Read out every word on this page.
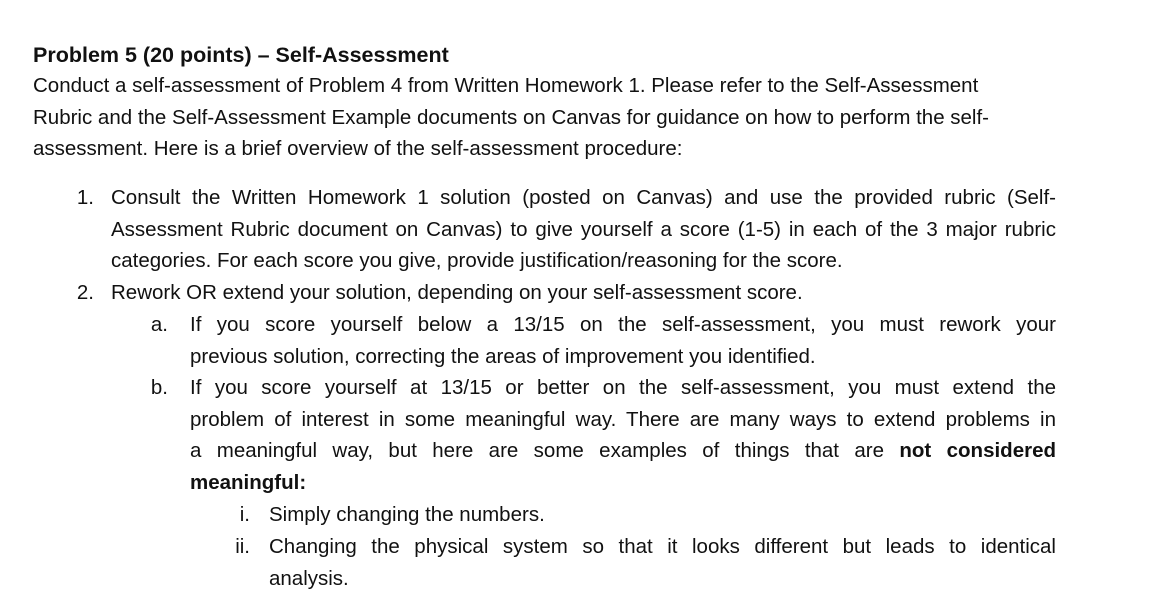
Problem 5 (20 points) – Self-Assessment
Conduct a self-assessment of Problem 4 from Written Homework 1. Please refer to the Self-Assessment
Rubric and the Self-Assessment Example documents on Canvas for guidance on how to perform the self-
assessment. Here is a brief overview of the self-assessment procedure:
1. Consult the Written Homework 1 solution (posted on Canvas) and use the provided rubric (Self-
Assessment Rubric document on Canvas) to give yourself a score (1-5) in each of the 3 major rubric
categories. For each score you give, provide justification/reasoning for the score.
2. Rework OR extend your solution, depending on your self-assessment score.
a. If you score yourself below a 13/15 on the self-assessment, you must rework your
previous solution, correcting the areas of improvement you identified.
b. If you score yourself at 13/15 or better on the self-assessment, you must extend the
problem of interest in some meaningful way. There are many ways to extend problems in
a meaningful way, but here are some examples of things that are not considered
meaningful:
i. Simply changing the numbers.
ii. Changing the physical system so that it looks different but leads to identical
analysis.
